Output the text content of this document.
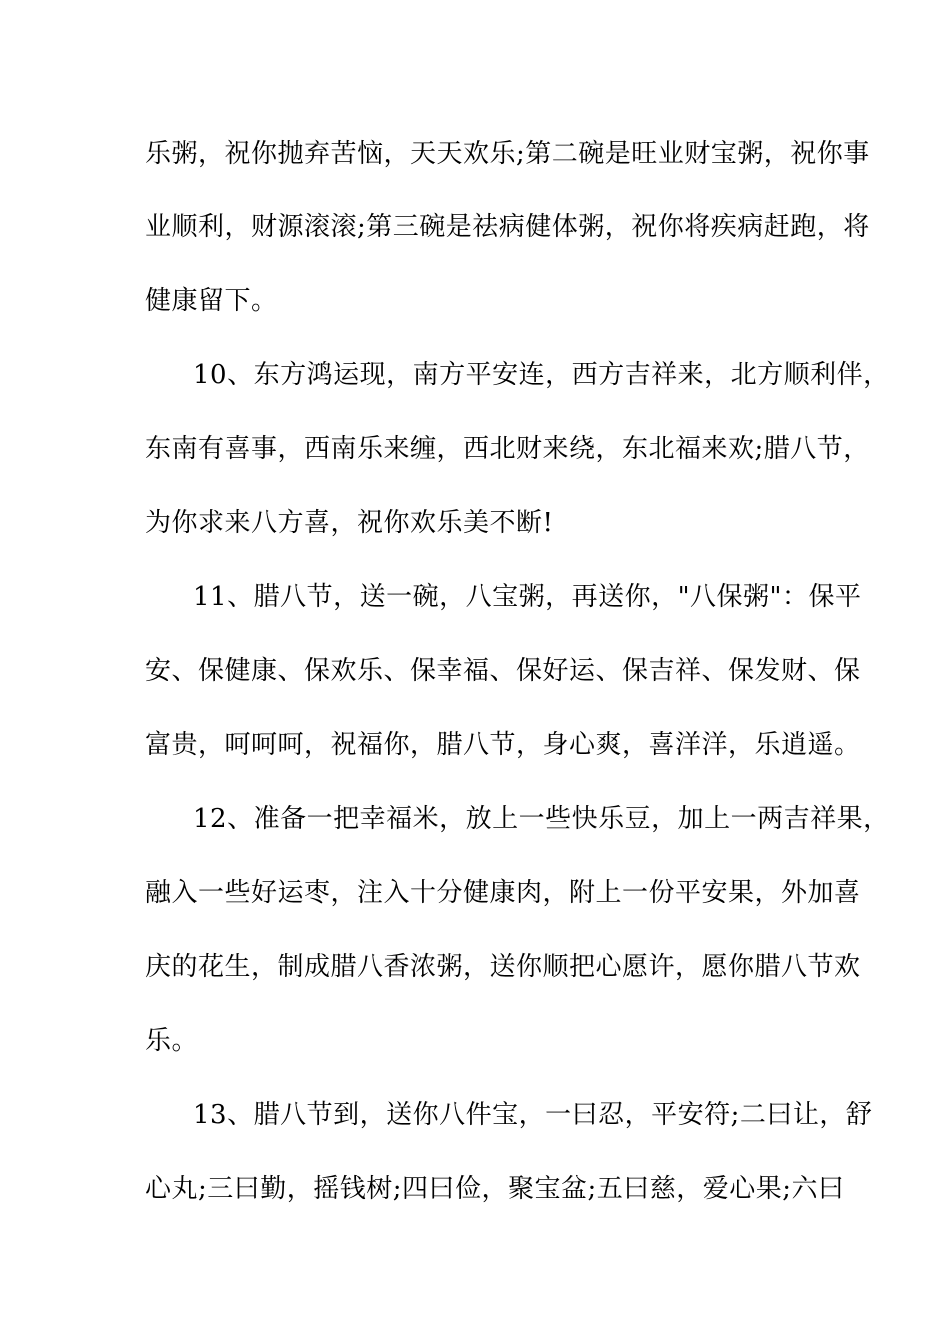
乐粥，祝你抛弃苦恼，天天欢乐;第二碗是旺业财宝粥，祝你事
业顺利，财源滚滚;第三碗是祛病健体粥，祝你将疾病赶跑，将
健康留下。
10、东方鸿运现，南方平安连，西方吉祥来，北方顺利伴，
东南有喜事，西南乐来缠，西北财来绕，东北福来欢;腊八节，
为你求来八方喜，祝你欢乐美不断!
11、腊八节，送一碗，八宝粥，再送你，"八保粥"：保平
安、保健康、保欢乐、保幸福、保好运、保吉祥、保发财、保
富贵，呵呵呵，祝福你，腊八节，身心爽，喜洋洋，乐逍遥。
12、准备一把幸福米，放上一些快乐豆，加上一两吉祥果，
融入一些好运枣，注入十分健康肉，附上一份平安果，外加喜
庆的花生，制成腊八香浓粥，送你顺把心愿许，愿你腊八节欢
乐。
13、腊八节到，送你八件宝，一曰忍，平安符;二曰让，舒
心丸;三曰勤，摇钱树;四曰俭，聚宝盆;五曰慈，爱心果;六曰
